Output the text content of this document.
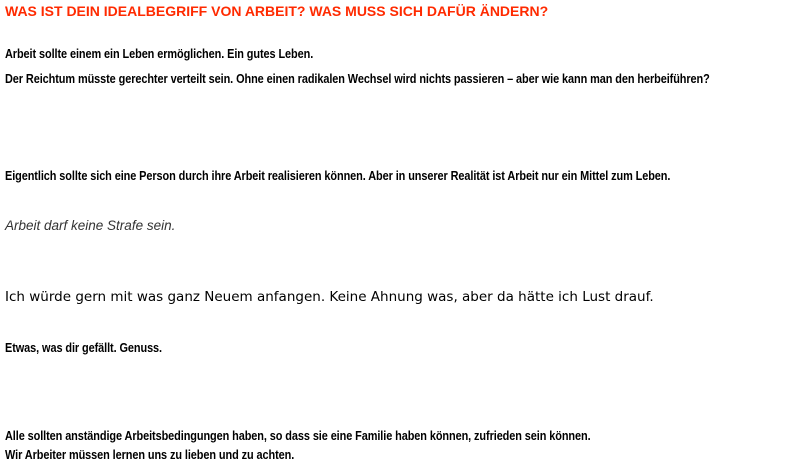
WAS IST DEIN IDEALBEGRIFF VON ARBEIT? WAS MUSS SICH DAFÜR ÄNDERN?
Arbeit sollte einem ein Leben ermöglichen. Ein gutes Leben.
Der Reichtum müsste gerechter verteilt sein. Ohne einen radikalen Wechsel wird nichts passieren – aber wie kann man den herbeiführen?
Eigentlich sollte sich eine Person durch ihre Arbeit realisieren können. Aber in unserer Realität ist Arbeit nur ein Mittel zum Leben.
Arbeit darf keine Strafe sein.
Ich würde gern mit was ganz Neuem anfangen. Keine Ahnung was, aber da hätte ich Lust drauf.
Etwas, was dir gefällt. Genuss.
Alle sollten anständige Arbeitsbedingungen haben, so dass sie eine Familie haben können, zufrieden sein können.
Wir Arbeiter müssen lernen uns zu lieben und zu achten.
